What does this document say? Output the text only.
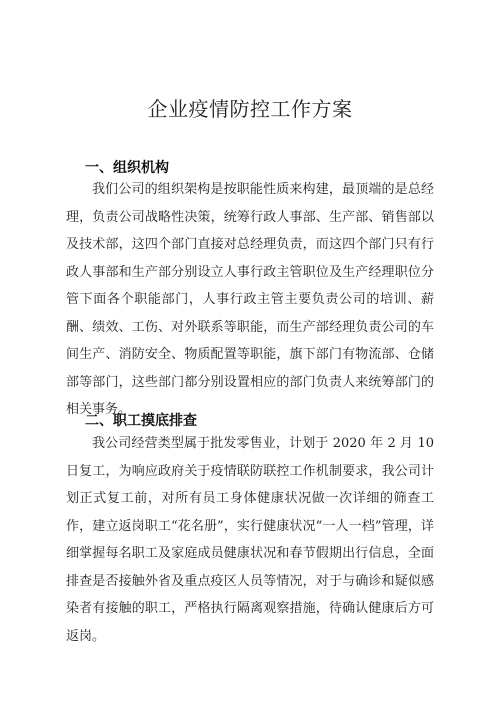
企业疫情防控工作方案
一、组织机构

我们公司的组织架构是按职能性质来构建，最顶端的是总经理，负责公司战略性决策，统筹行政人事部、生产部、销售部以及技术部，这四个部门直接对总经理负责，而这四个部门只有行政人事部和生产部分别设立人事行政主管职位及生产经理职位分管下面各个职能部门，人事行政主管主要负责公司的培训、薪酬、绩效、工伤、对外联系等职能，而生产部经理负责公司的车间生产、消防安全、物质配置等职能，旗下部门有物流部、仓储部等部门，这些部门都分别设置相应的部门负责人来统筹部门的相关事务。

二、职工摸底排查

我公司经营类型属于批发零售业，计划于 2020 年 2 月 10 日复工，为响应政府关于疫情联防联控工作机制要求，我公司计划正式复工前，对所有员工身体健康状况做一次详细的筛查工作，建立返岗职工“花名册”，实行健康状况“一人一档”管理，详细掌握每名职工及家庭成员健康状况和春节假期出行信息，全面排查是否接触外省及重点疫区人员等情况，对于与确诊和疑似感染者有接触的职工，严格执行隔离观察措施，待确认健康后方可返岗。
